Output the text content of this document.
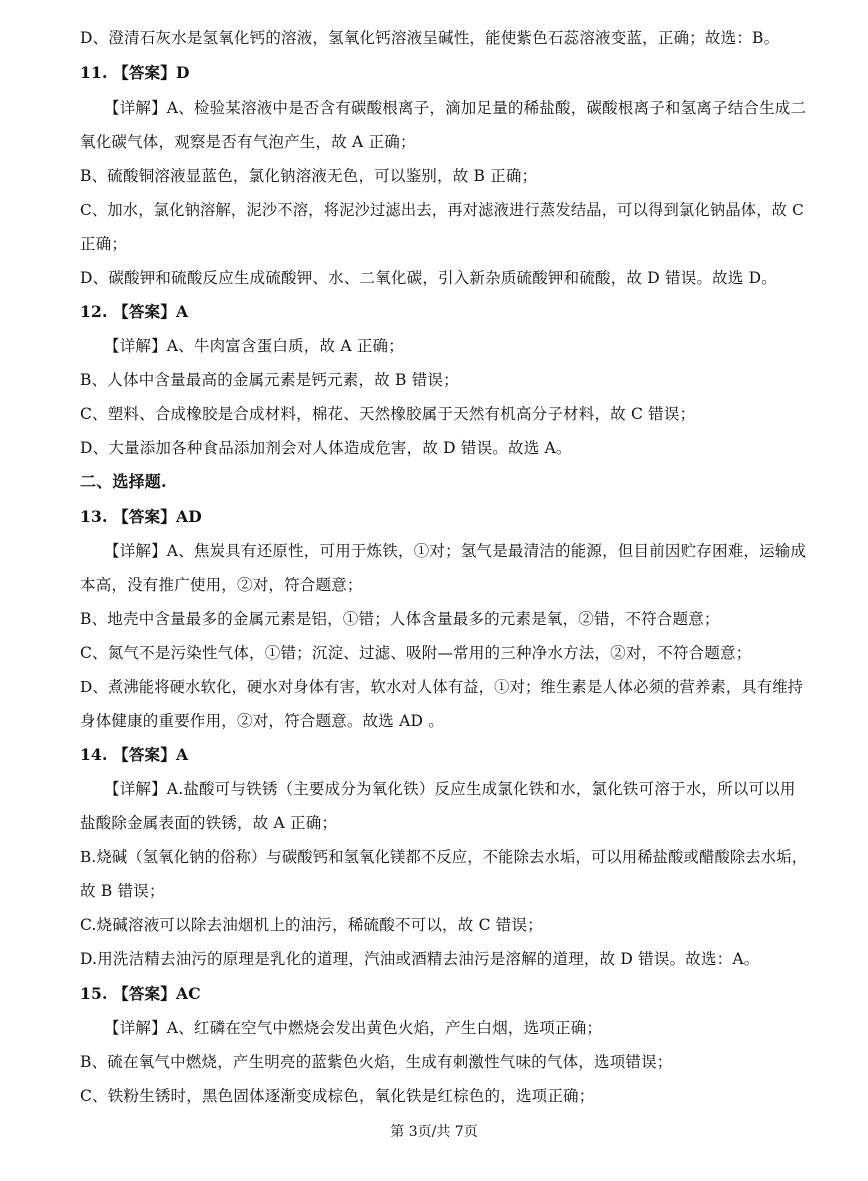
D、澄清石灰水是氢氧化钙的溶液，氢氧化钙溶液呈碱性，能使紫色石蕊溶液变蓝，正确；故选：B。
11. 【答案】D
【详解】A、检验某溶液中是否含有碳酸根离子，滴加足量的稀盐酸，碳酸根离子和氢离子结合生成二
氧化碳气体，观察是否有气泡产生，故 A 正确；
B、硫酸铜溶液显蓝色，氯化钠溶液无色，可以鉴别，故 B 正确；
C、加水，氯化钠溶解，泥沙不溶，将泥沙过滤出去，再对滤液进行蒸发结晶，可以得到氯化钠晶体，故 C
正确；
D、碳酸钾和硫酸反应生成硫酸钾、水、二氧化碳，引入新杂质硫酸钾和硫酸，故 D 错误。故选 D。
12. 【答案】A
【详解】A、牛肉富含蛋白质，故 A 正确；
B、人体中含量最高的金属元素是钙元素，故 B 错误；
C、塑料、合成橡胶是合成材料，棉花、天然橡胶属于天然有机高分子材料，故 C 错误；
D、大量添加各种食品添加剂会对人体造成危害，故 D 错误。故选 A。
二、选择题.
13. 【答案】AD
【详解】A、焦炭具有还原性，可用于炼铁，①对；氢气是最清洁的能源，但目前因贮存困难，运输成
本高，没有推广使用，②对，符合题意；
B、地壳中含量最多的金属元素是铝，①错；人体含量最多的元素是氧，②错，不符合题意；
C、氮气不是污染性气体，①错；沉淀、过滤、吸附—常用的三种净水方法，②对，不符合题意；
D、煮沸能将硬水软化，硬水对身体有害，软水对人体有益，①对；维生素是人体必须的营养素，具有维持
身体健康的重要作用，②对，符合题意。故选 AD 。
14. 【答案】A
【详解】A.盐酸可与铁锈（主要成分为氧化铁）反应生成氯化铁和水，氯化铁可溶于水，所以可以用
盐酸除金属表面的铁锈，故 A 正确；
B.烧碱（氢氧化钠的俗称）与碳酸钙和氢氧化镁都不反应，不能除去水垢，可以用稀盐酸或醋酸除去水垢，
故 B 错误；
C.烧碱溶液可以除去油烟机上的油污，稀硫酸不可以，故 C 错误；
D.用洗洁精去油污的原理是乳化的道理，汽油或酒精去油污是溶解的道理，故 D 错误。故选：A。
15. 【答案】AC
【详解】A、红磷在空气中燃烧会发出黄色火焰，产生白烟，选项正确；
B、硫在氧气中燃烧，产生明亮的蓝紫色火焰，生成有刺激性气味的气体，选项错误；
C、铁粉生锈时，黑色固体逐渐变成棕色，氧化铁是红棕色的，选项正确；
第 3页/共 7页
